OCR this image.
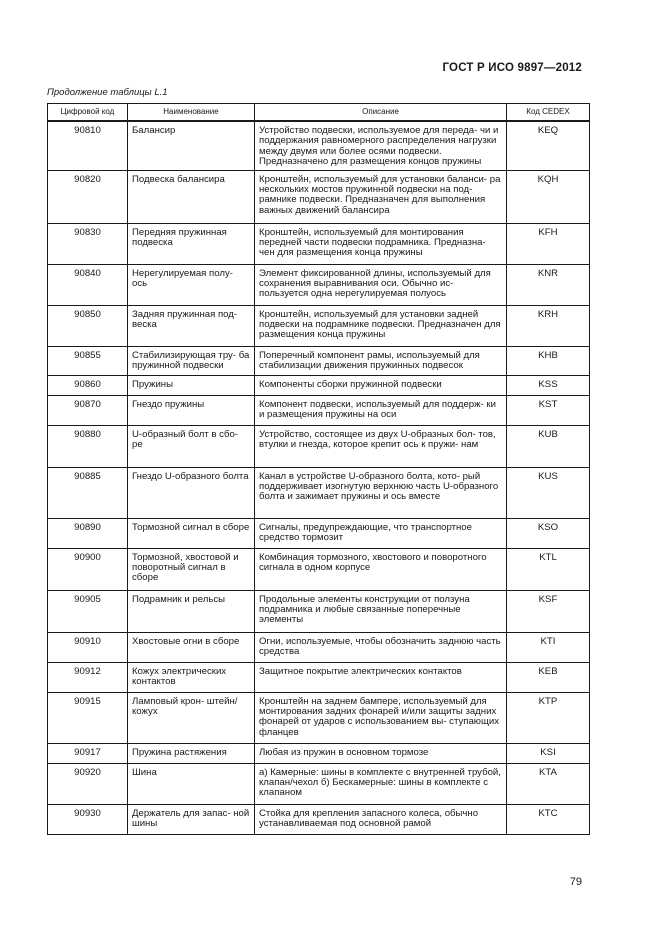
ГОСТ Р ИСО 9897—2012
Продолжение таблицы L.1
Цифровой код	Наименование	Описание	Код CEDEX
90810	Балансир	Устройство подвески, используемое для переда- чи и поддержания равномерного распределения нагрузки между двумя или более осями подвески. Предназначено для размещения концов пружины	KEQ
90820	Подвеска балансира	Кронштейн, используемый для установки баланси- ра нескольких мостов пружинной подвески на под- рамнике подвески. Предназначен для выполнения важных движений балансира	KQH
90830	Передняя пружинная подвеска	Кронштейн, используемый для монтирования передней части подвески подрамника. Предназна- чен для размещения конца пружины	KFH
90840	Нерегулируемая полу- ось	Элемент фиксированной длины, используемый для сохранения выравнивания оси. Обычно ис- пользуется одна нерегулируемая полуось	KNR
90850	Задняя пружинная под- веска	Кронштейн, используемый для установки задней подвески на подрамнике подвески. Предназначен для размещения конца пружины	KRH
90855	Стабилизирующая тру- ба пружинной подвески	Поперечный компонент рамы, используемый для стабилизации движения пружинных подвесок	KHB
90860	Пружины	Компоненты сборки пружинной подвески	KSS
90870	Гнездо пружины	Компонент подвески, используемый для поддерж- ки и размещения пружины на оси	KST
90880	U-образный болт в сбо- ре	Устройство, состоящее из двух U-образных бол- тов, втулки и гнезда, которое крепит ось к пружи- нам	KUB
90885	Гнездо U-образного болта	Канал в устройстве U-образного болта, кото- рый поддерживает изогнутую верхнюю часть U-образного болта и зажимает пружины и ось вместе	KUS
90890	Тормозной сигнал в сборе	Сигналы, предупреждающие, что транспортное средство тормозит	KSO
90900	Тормозной, хвостовой и поворотный сигнал в сборе	Комбинация тормозного, хвостового и поворотного сигнала в одном корпусе	KTL
90905	Подрамник и рельсы	Продольные элементы конструкции от ползуна подрамника и любые связанные поперечные элементы	KSF
90910	Хвостовые огни в сборе	Огни, используемые, чтобы обозначить заднюю часть средства	KTI
90912	Кожух электрических контактов	Защитное покрытие электрических контактов	KEB
90915	Ламповый крон- штейн/кожух	Кронштейн на заднем бампере, используемый для монтирования задних фонарей и/или защиты задних фонарей от ударов с использованием вы- ступающих фланцев	KTP
90917	Пружина растяжения	Любая из пружин в основном тормозе	KSI
90920	Шина	а) Камерные: шины в комплекте с внутренней трубой, клапан/чехол б) Бескамерные: шины в комплекте с клапаном	KTA
90930	Держатель для запас- ной шины	Стойка для крепления запасного колеса, обычно устанавливаемая под основной рамой	KTC
79
